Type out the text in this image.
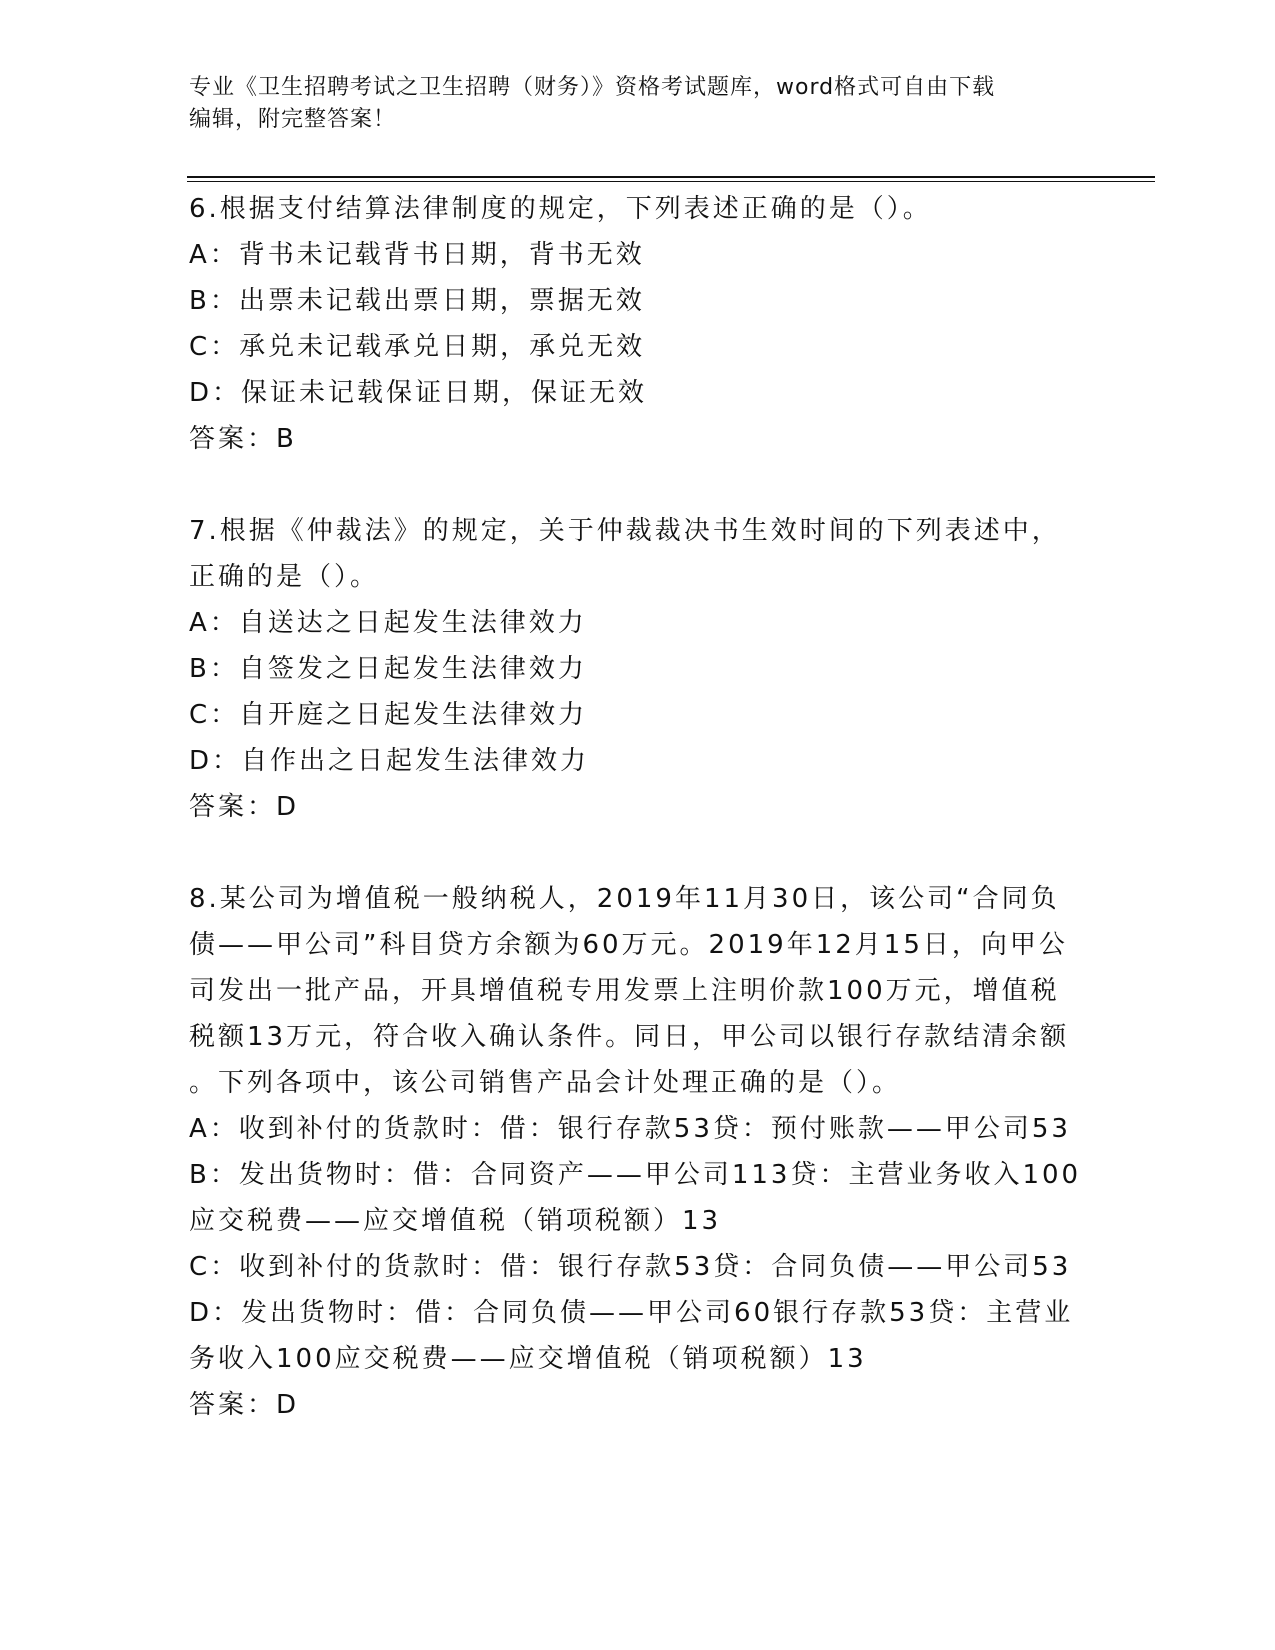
专业《卫生招聘考试之卫生招聘（财务）》资格考试题库，word格式可自由下载
编辑，附完整答案！
6.根据支付结算法律制度的规定，下列表述正确的是（）。
A：背书未记载背书日期，背书无效
B：出票未记载出票日期，票据无效
C：承兑未记载承兑日期，承兑无效
D：保证未记载保证日期，保证无效
答案：B
7.根据《仲裁法》的规定，关于仲裁裁决书生效时间的下列表述中，
正确的是（）。
A：自送达之日起发生法律效力
B：自签发之日起发生法律效力
C：自开庭之日起发生法律效力
D：自作出之日起发生法律效力
答案：D
8.某公司为增值税一般纳税人，2019年11月30日，该公司“合同负
债——甲公司”科目贷方余额为60万元。2019年12月15日，向甲公
司发出一批产品，开具增值税专用发票上注明价款100万元，增值税
税额13万元，符合收入确认条件。同日，甲公司以银行存款结清余额
。下列各项中，该公司销售产品会计处理正确的是（）。
A：收到补付的货款时：借：银行存款53贷：预付账款——甲公司53
B：发出货物时：借：合同资产——甲公司113贷：主营业务收入100
应交税费——应交增值税（销项税额）13
C：收到补付的货款时：借：银行存款53贷：合同负债——甲公司53
D：发出货物时：借：合同负债——甲公司60银行存款53贷：主营业
务收入100应交税费——应交增值税（销项税额）13
答案：D
